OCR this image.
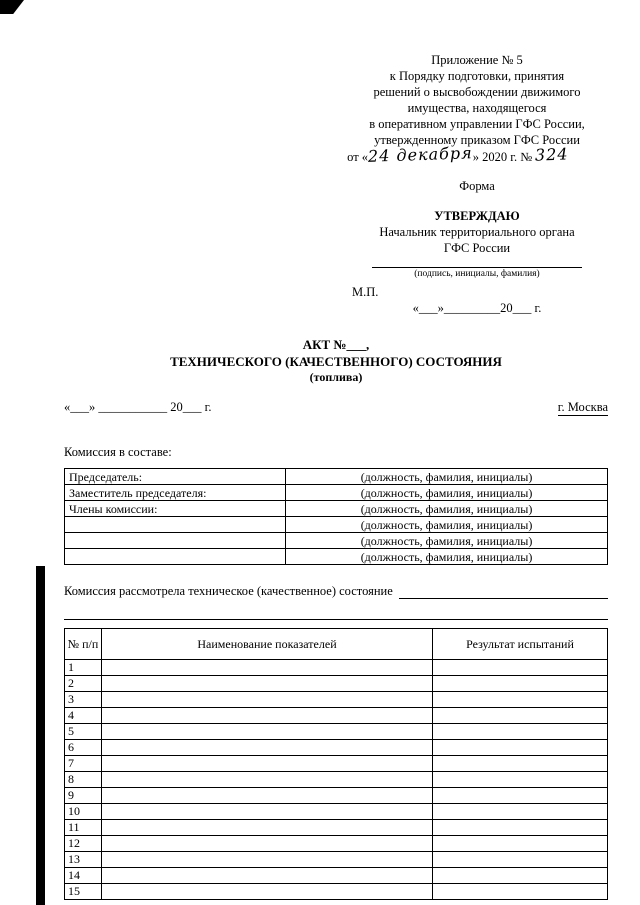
Приложение № 5
к Порядку подготовки, принятия
решений о высвобождении движимого
имущества, находящегося
в оперативном управлении ГФС России,
утвержденному приказом ГФС России
от «24 декабря» 2020 г. № 324
Форма
УТВЕРЖДАЮ
Начальник территориального органа
ГФС России
(подпись, инициалы, фамилия)
М.П.
«___»_________20___ г.
АКТ №___,
ТЕХНИЧЕСКОГО (КАЧЕСТВЕННОГО) СОСТОЯНИЯ
(топлива)
«___» ___________ 20___ г.	г. Москва
Комиссия в составе:
Председатель:	(должность, фамилия, инициалы)
Заместитель председателя:	(должность, фамилия, инициалы)
Члены комиссии:	(должность, фамилия, инициалы)
	(должность, фамилия, инициалы)
	(должность, фамилия, инициалы)
	(должность, фамилия, инициалы)
Комиссия рассмотрела техническое (качественное) состояние
№ п/п	Наименование показателей	Результат испытаний
1		
2		
3		
4		
5		
6		
7		
8		
9		
10		
11		
12		
13		
14		
15		
